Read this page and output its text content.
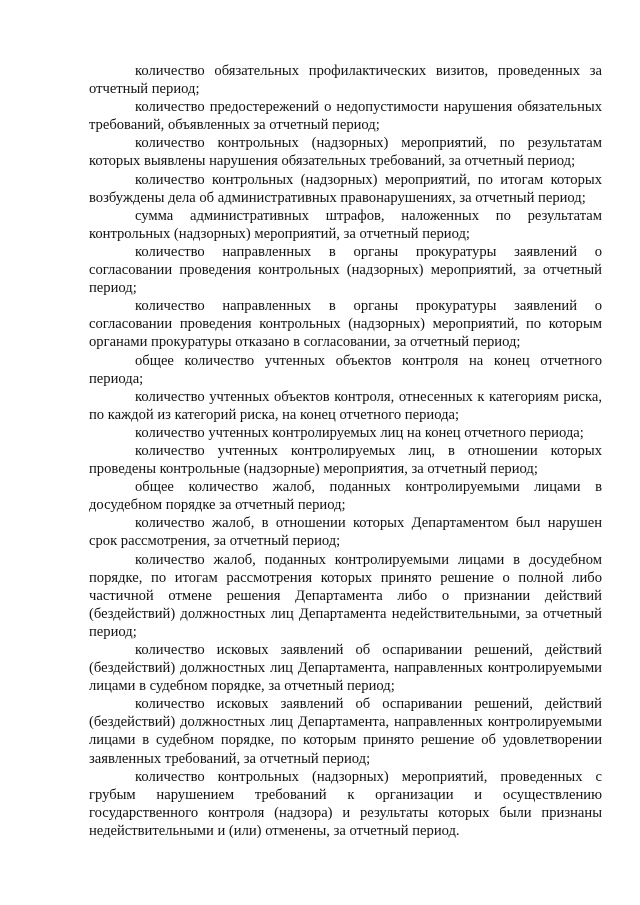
количество обязательных профилактических визитов, проведенных за отчетный период;

количество предостережений о недопустимости нарушения обязательных требований, объявленных за отчетный период;

количество контрольных (надзорных) мероприятий, по результатам которых выявлены нарушения обязательных требований, за отчетный период;

количество контрольных (надзорных) мероприятий, по итогам которых возбуждены дела об административных правонарушениях, за отчетный период;

сумма административных штрафов, наложенных по результатам контрольных (надзорных) мероприятий, за отчетный период;

количество направленных в органы прокуратуры заявлений о согласовании проведения контрольных (надзорных) мероприятий, за отчетный период;

количество направленных в органы прокуратуры заявлений о согласовании проведения контрольных (надзорных) мероприятий, по которым органами прокуратуры отказано в согласовании, за отчетный период;

общее количество учтенных объектов контроля на конец отчетного периода;

количество учтенных объектов контроля, отнесенных к категориям риска, по каждой из категорий риска, на конец отчетного периода;

количество учтенных контролируемых лиц на конец отчетного периода;

количество учтенных контролируемых лиц, в отношении которых проведены контрольные (надзорные) мероприятия, за отчетный период;

общее количество жалоб, поданных контролируемыми лицами в досудебном порядке за отчетный период;

количество жалоб, в отношении которых Департаментом был нарушен срок рассмотрения, за отчетный период;

количество жалоб, поданных контролируемыми лицами в досудебном порядке, по итогам рассмотрения которых принято решение о полной либо частичной отмене решения Департамента либо о признании действий (бездействий) должностных лиц Департамента недействительными, за отчетный период;

количество исковых заявлений об оспаривании решений, действий (бездействий) должностных лиц Департамента, направленных контролируемыми лицами в судебном порядке, за отчетный период;

количество исковых заявлений об оспаривании решений, действий (бездействий) должностных лиц Департамента, направленных контролируемыми лицами в судебном порядке, по которым принято решение об удовлетворении заявленных требований, за отчетный период;

количество контрольных (надзорных) мероприятий, проведенных с грубым нарушением требований к организации и осуществлению государственного контроля (надзора) и результаты которых были признаны недействительными и (или) отменены, за отчетный период.
